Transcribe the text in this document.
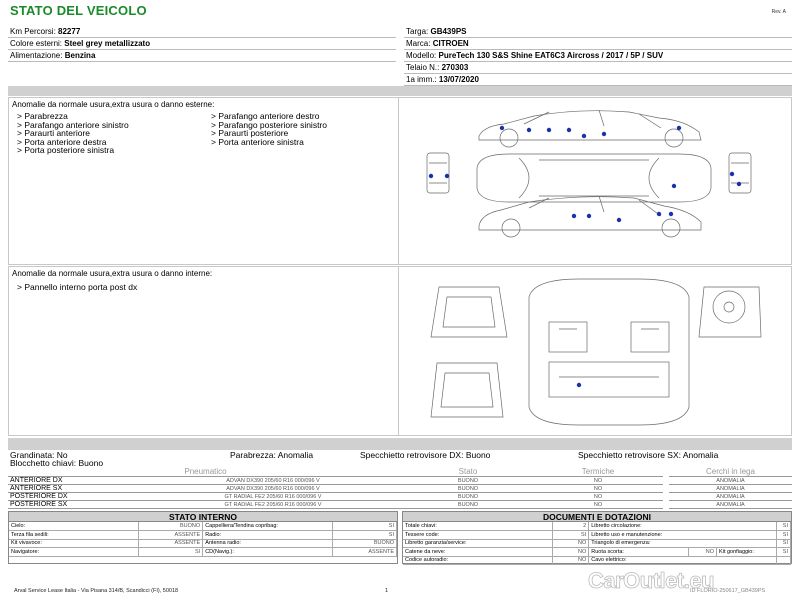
STATO DEL VEICOLO	Rev. A
Km Percorsi: 82277
Colore esterni: Steel grey metallizzato
Alimentazione: Benzina
Targa: GB439PS
Marca: CITROEN
Modello: PureTech 130 S&S Shine EAT6C3 Aircross / 2017 / 5P / SUV
Telaio N.: 270303
1a imm.: 13/07/2020
Anomalie da normale usura,extra usura o danno esterne:
> Parabrezza
> Parafango anteriore sinistro
> Paraurti anteriore
> Porta anteriore destra
> Porta posteriore sinistra
> Parafango anteriore destro
> Parafango posteriore sinistro
> Paraurti posteriore
> Porta anteriore sinistra
Anomalie da normale usura,extra usura o danno interne:
> Pannello interno porta post dx
Grandinata: No	Parabrezza: Anomalia	Specchietto retrovisore DX: Buono	Specchietto retrovisore SX: Anomalia
Blocchetto chiavi: Buono
Pneumatico		Stato	Termiche		Cerchi in lega
ANTERIORE DX	ADVAN DX390 205/60 R16 000/096 V	BUONO	NO		ANOMALIA
ANTERIORE SX	ADVAN DX390 205/60 R16 000/096 V	BUONO	NO		ANOMALIA
POSTERIORE DX	GT RADIAL FE2 205/60 R16 000/096 V	BUONO	NO		ANOMALIA
POSTERIORE SX	GT RADIAL FE2 205/60 R16 000/096 V	BUONO	NO		ANOMALIA
STATO INTERNO
Cielo:	BUONO	Cappelliera/Tendina copribag:	SI
Terza fila sedili:	ASSENTE	Radio:	SI
Kit vivavoce:	ASSENTE	Antenna radio:	BUONO
Navigatore:	SI	CD(Navig.):	ASSENTE
DOCUMENTI E DOTAZIONI
Totale chiavi:	2	Libretto circolazione:			SI
Tessere code:	SI	Libretto uso e manutenzione:			SI
Libretto garanzia/service:	NO	Triangolo di emergenza:			SI
Catene da neve:	NO	Ruota scorta:	NO	Kit gonfiaggio:	SI
Codice autoradio:	NO	Cavo elettrico:			
Arval Service Lease Italia - Via Pisana 314/B, Scandicci (FI), 50018	1	ID FLORIO-250617_GB439PS
CarOutlet.eu
